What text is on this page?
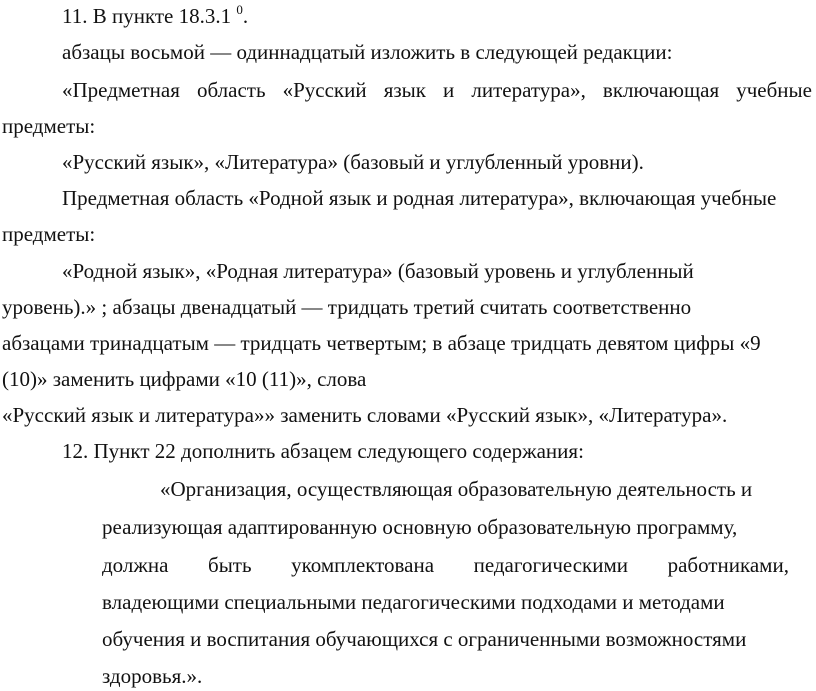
11. В пункте 18.3.1 $^0$.
абзацы восьмой — одиннадцатый изложить в следующей редакции:
«Предметная область «Русский язык и литература», включающая учебные
предметы:
«Русский язык», «Литература» (базовый и углубленный уровни).
Предметная область «Родной язык и родная литература», включающая учебные
предметы:
«Родной язык», «Родная литература» (базовый уровень и углубленный
уровень).» ; абзацы двенадцатый — тридцать третий считать соответственно
абзацами тринадцатым — тридцать четвертым; в абзаце тридцать девятом цифры «9
(10)» заменить цифрами «10 (11)», слова
«Русский язык и литература»» заменить словами «Русский язык», «Литература».
12. Пункт 22 дополнить абзацем следующего содержания:
«Организация, осуществляющая образовательную деятельность и
реализующая адаптированную основную образовательную программу,
должна быть укомплектована педагогическими работниками,
владеющими специальными педагогическими подходами и методами
обучения и воспитания обучающихся с ограниченными возможностями
здоровья.».
